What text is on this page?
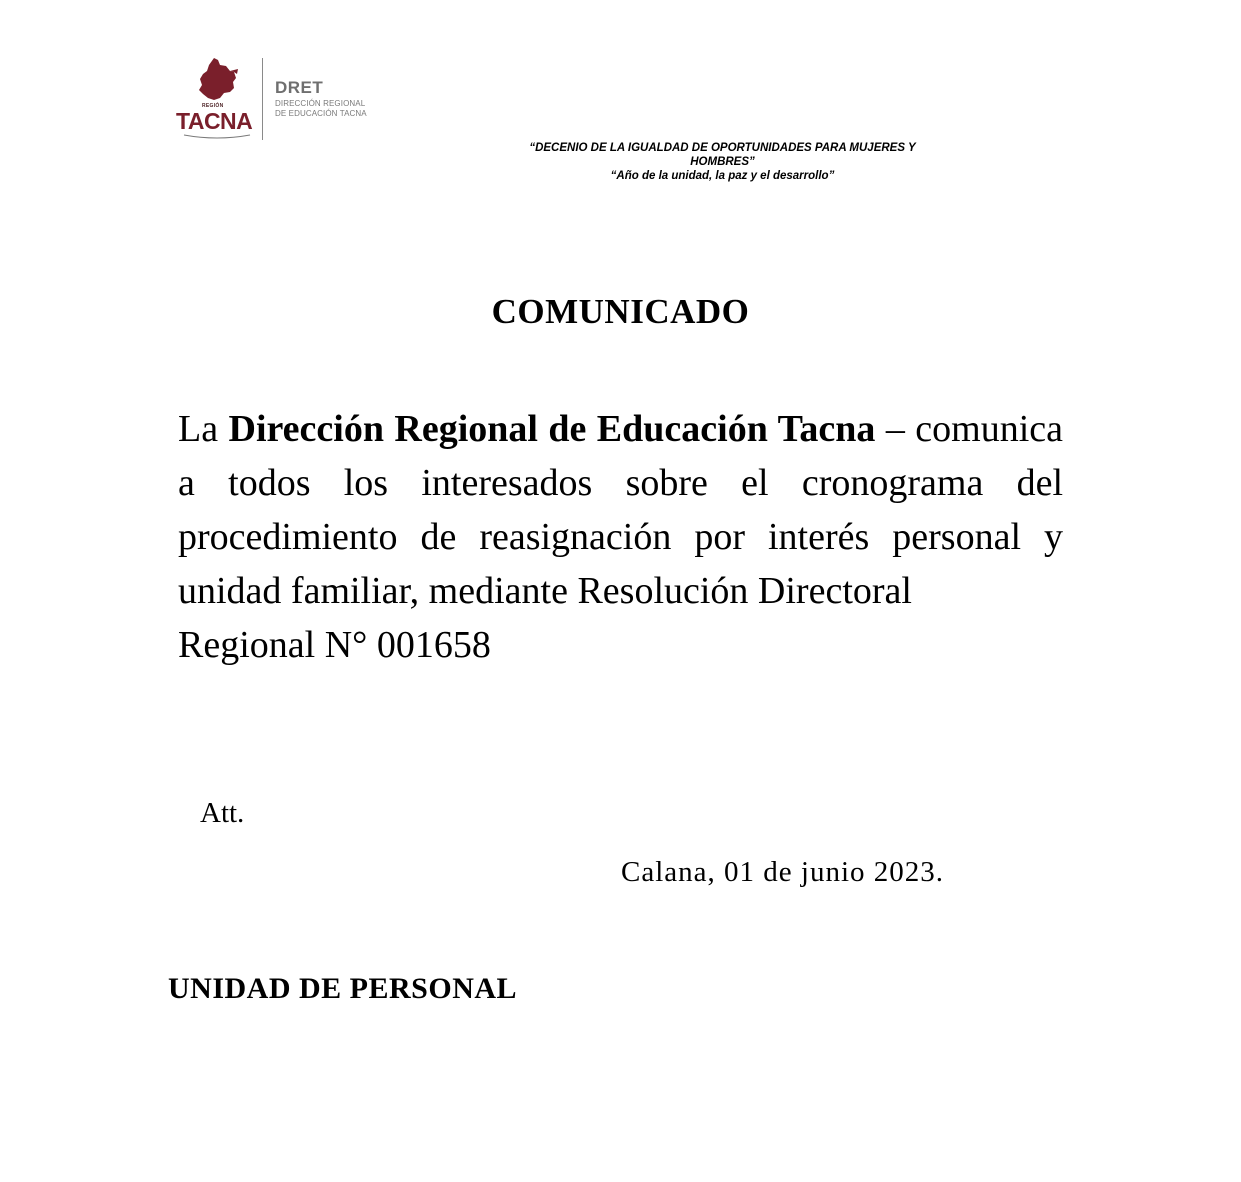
REGIÓN
TACNA
DRET
DIRECCIÓN REGIONAL
DE EDUCACIÓN TACNA
“DECENIO DE LA IGUALDAD DE OPORTUNIDADES PARA MUJERES Y HOMBRES”
“Año de la unidad, la paz y el desarrollo”
COMUNICADO
La Dirección Regional de Educación Tacna – comunica a todos los interesados sobre el cronograma del procedimiento de reasignación por interés personal y unidad familiar, mediante Resolución Directoral
Regional N° 001658
Att.
Calana, 01 de junio 2023.
UNIDAD DE PERSONAL
